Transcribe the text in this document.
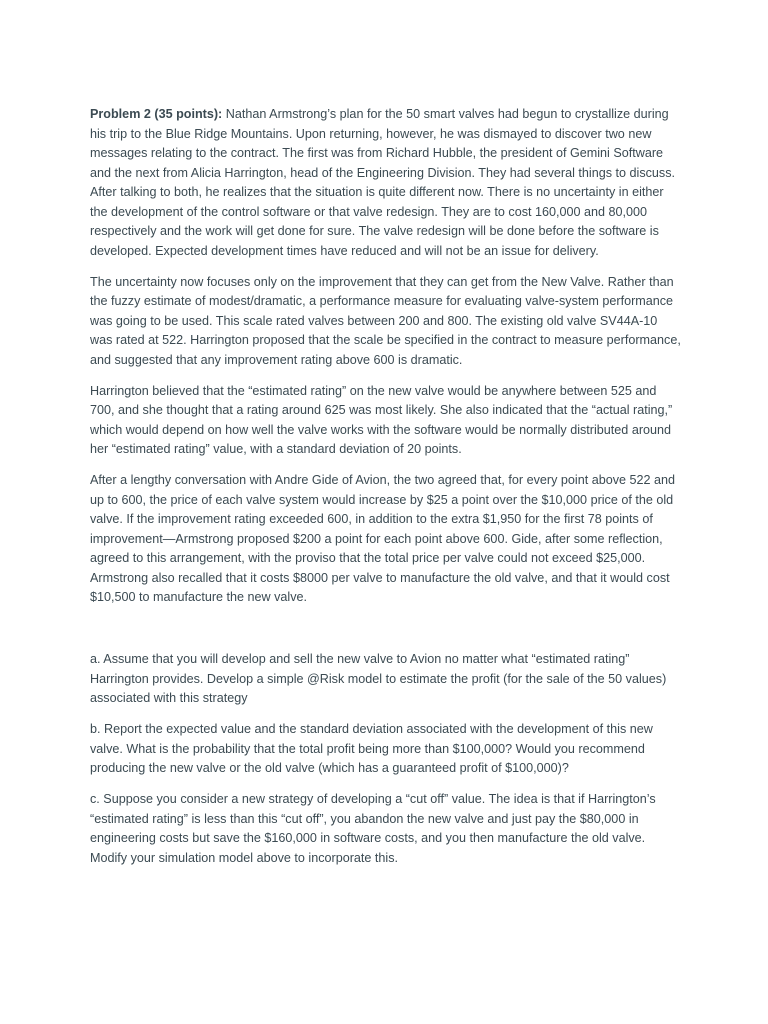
Problem 2 (35 points): Nathan Armstrong’s plan for the 50 smart valves had begun to crystallize during his trip to the Blue Ridge Mountains. Upon returning, however, he was dismayed to discover two new messages relating to the contract. The first was from Richard Hubble, the president of Gemini Software and the next from Alicia Harrington, head of the Engineering Division. They had several things to discuss. After talking to both, he realizes that the situation is quite different now. There is no uncertainty in either the development of the control software or that valve redesign. They are to cost 160,000 and 80,000 respectively and the work will get done for sure. The valve redesign will be done before the software is developed. Expected development times have reduced and will not be an issue for delivery.

The uncertainty now focuses only on the improvement that they can get from the New Valve. Rather than the fuzzy estimate of modest/dramatic, a performance measure for evaluating valve-system performance was going to be used. This scale rated valves between 200 and 800. The existing old valve SV44A-10 was rated at 522. Harrington proposed that the scale be specified in the contract to measure performance, and suggested that any improvement rating above 600 is dramatic.

Harrington believed that the “estimated rating” on the new valve would be anywhere between 525 and 700, and she thought that a rating around 625 was most likely. She also indicated that the “actual rating,” which would depend on how well the valve works with the software would be normally distributed around her “estimated rating” value, with a standard deviation of 20 points.

After a lengthy conversation with Andre Gide of Avion, the two agreed that, for every point above 522 and up to 600, the price of each valve system would increase by $25 a point over the $10,000 price of the old valve. If the improvement rating exceeded 600, in addition to the extra $1,950 for the first 78 points of improvement—Armstrong proposed $200 a point for each point above 600. Gide, after some reflection, agreed to this arrangement, with the proviso that the total price per valve could not exceed $25,000. Armstrong also recalled that it costs $8000 per valve to manufacture the old valve, and that it would cost $10,500 to manufacture the new valve.

a. Assume that you will develop and sell the new valve to Avion no matter what “estimated rating” Harrington provides. Develop a simple @Risk model to estimate the profit (for the sale of the 50 values) associated with this strategy

b. Report the expected value and the standard deviation associated with the development of this new valve. What is the probability that the total profit being more than $100,000? Would you recommend producing the new valve or the old valve (which has a guaranteed profit of $100,000)?

c. Suppose you consider a new strategy of developing a “cut off” value. The idea is that if Harrington’s “estimated rating” is less than this “cut off”, you abandon the new valve and just pay the $80,000 in engineering costs but save the $160,000 in software costs, and you then manufacture the old valve. Modify your simulation model above to incorporate this.
